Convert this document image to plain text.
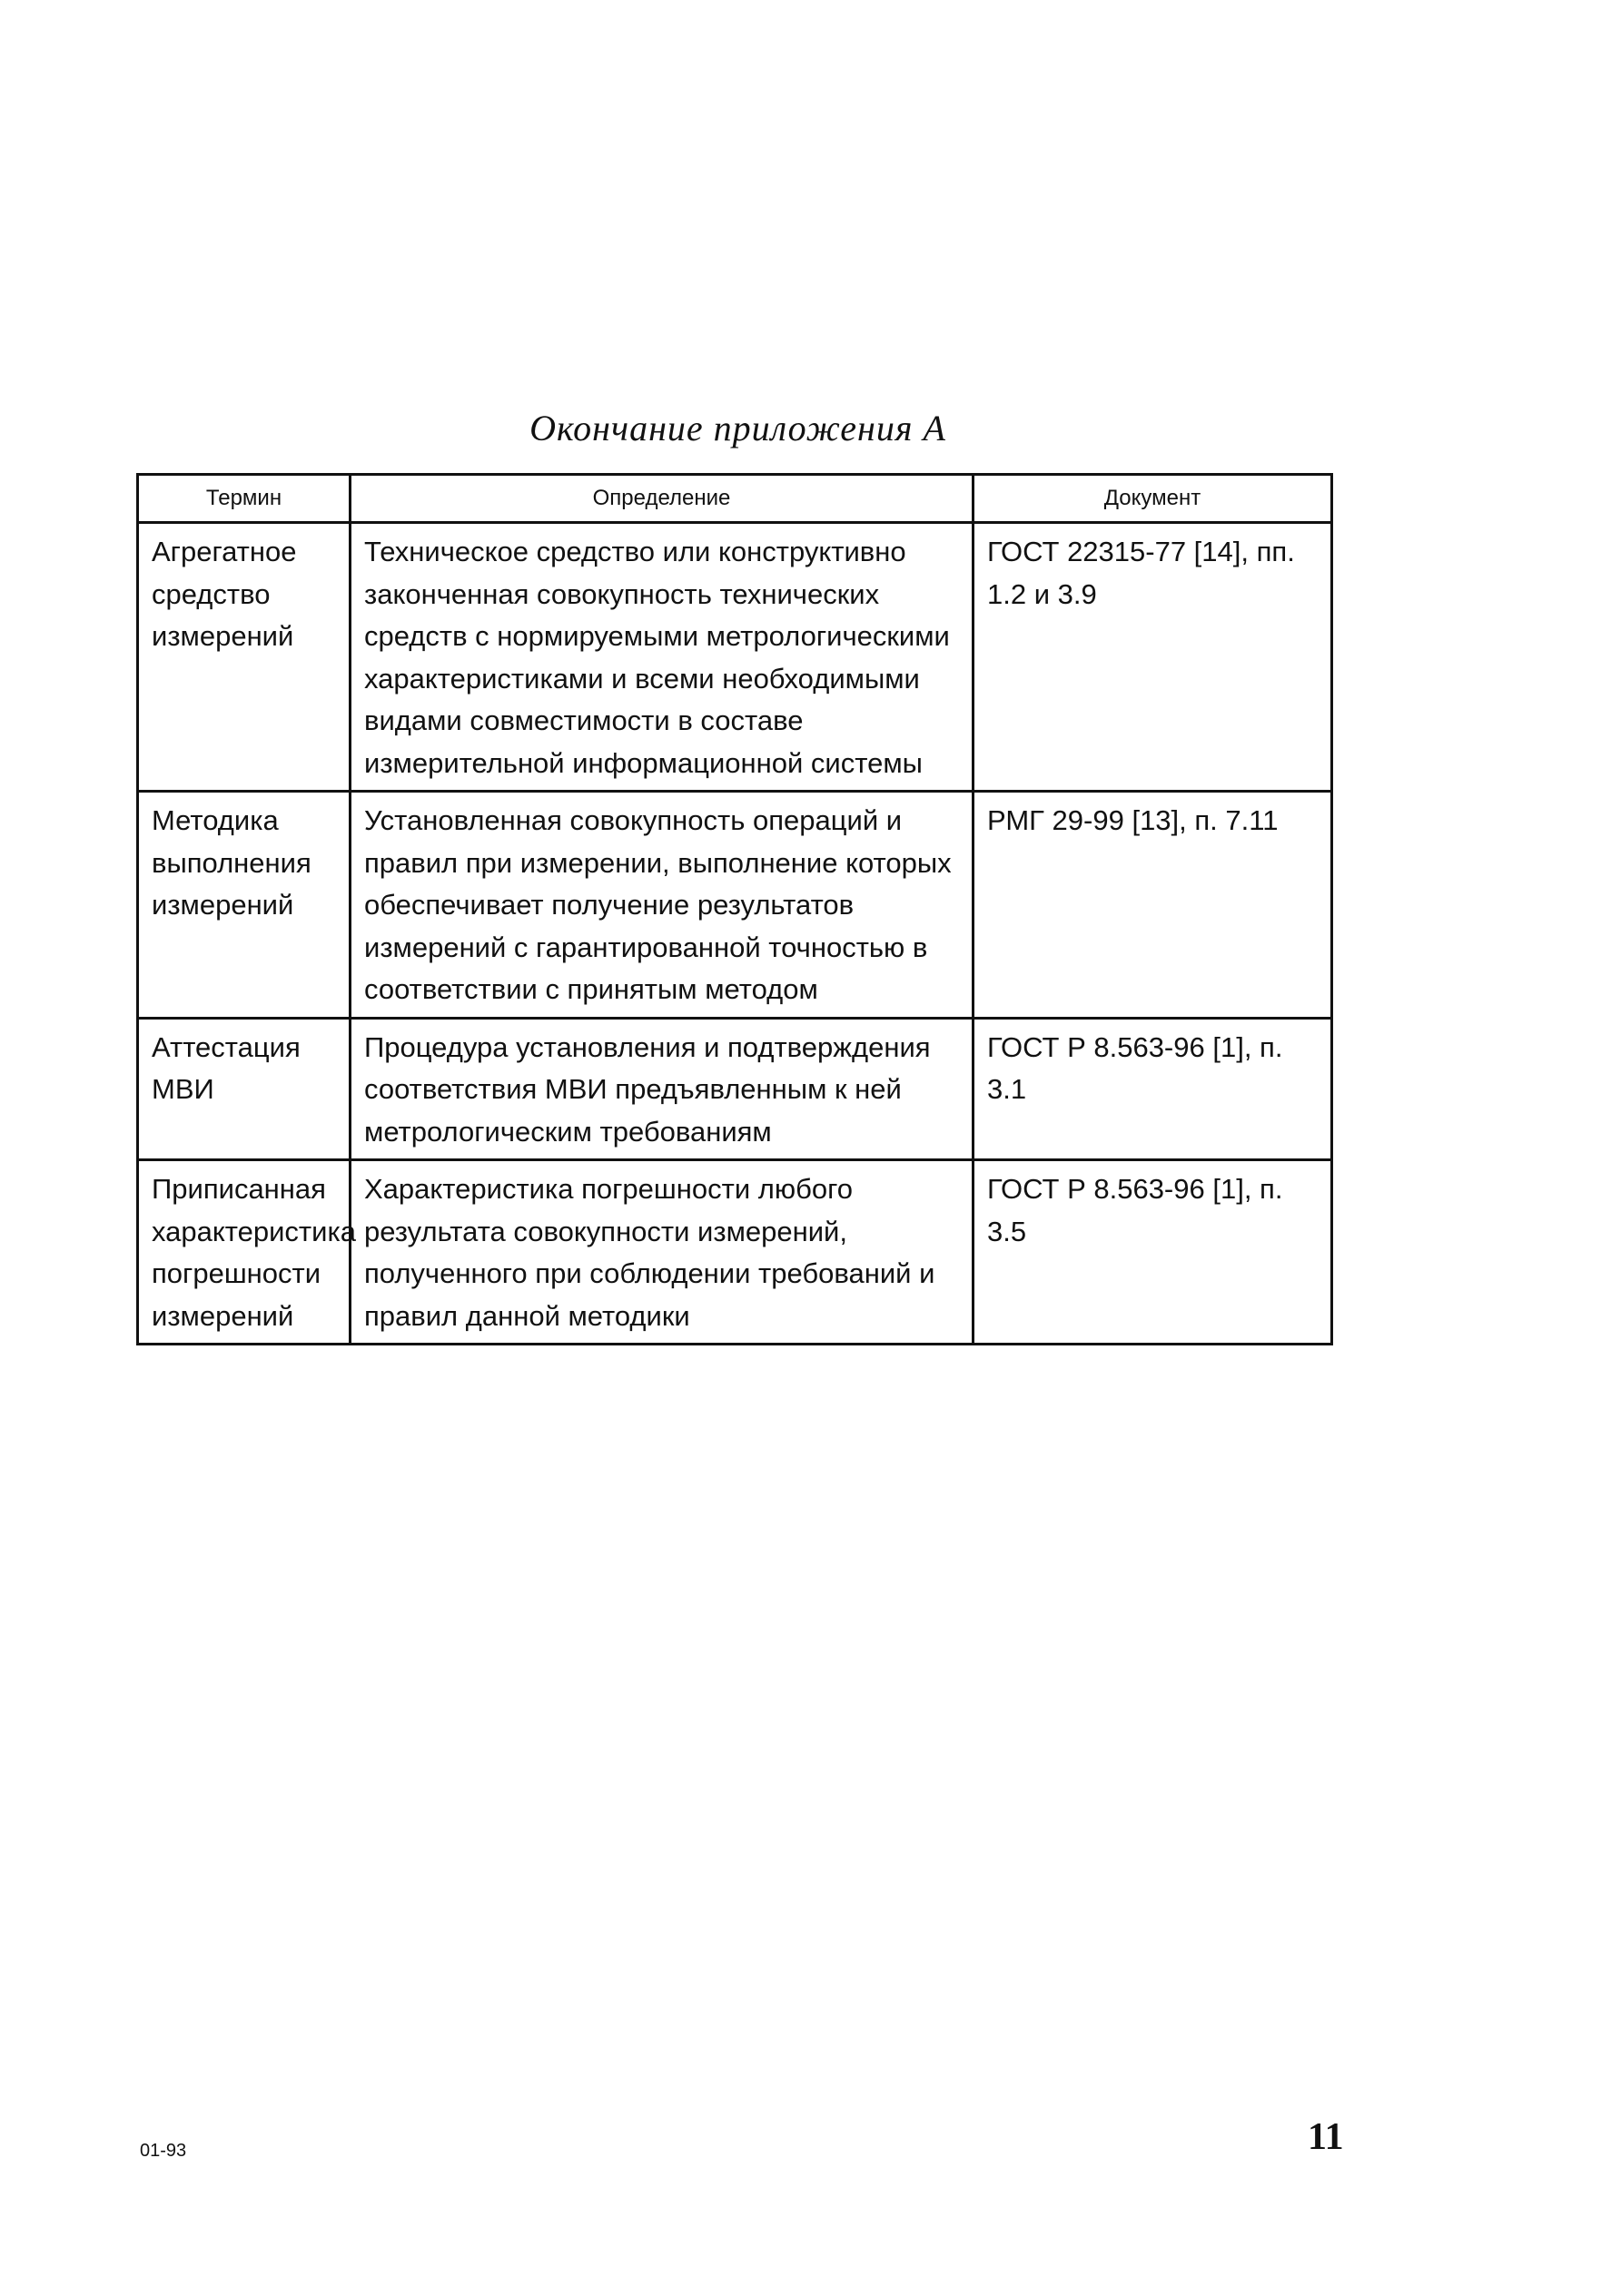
Окончание приложения А
Термин	Определение	Документ
Агрегатное средство измерений	Техническое средство или конструктивно законченная совокупность технических средств с нормируемыми метрологическими характеристиками и всеми необходимыми видами совместимости в составе измерительной информационной системы	ГОСТ 22315-77 [14], пп. 1.2 и 3.9
Методика выполнения измерений	Установленная совокупность операций и правил при измерении, выполнение которых обеспечивает получение результатов измерений с гарантированной точностью в соответствии с принятым методом	РМГ 29-99 [13], п. 7.11
Аттестация МВИ	Процедура установления и подтверждения соответствия МВИ предъявленным к ней метрологическим требованиям	ГОСТ Р 8.563-96 [1], п. 3.1
Приписанная характеристика погрешности измерений	Характеристика погрешности любого результата совокупности измерений, полученного при соблюдении требований и правил данной методики	ГОСТ Р 8.563-96 [1], п. 3.5
01-93	11
